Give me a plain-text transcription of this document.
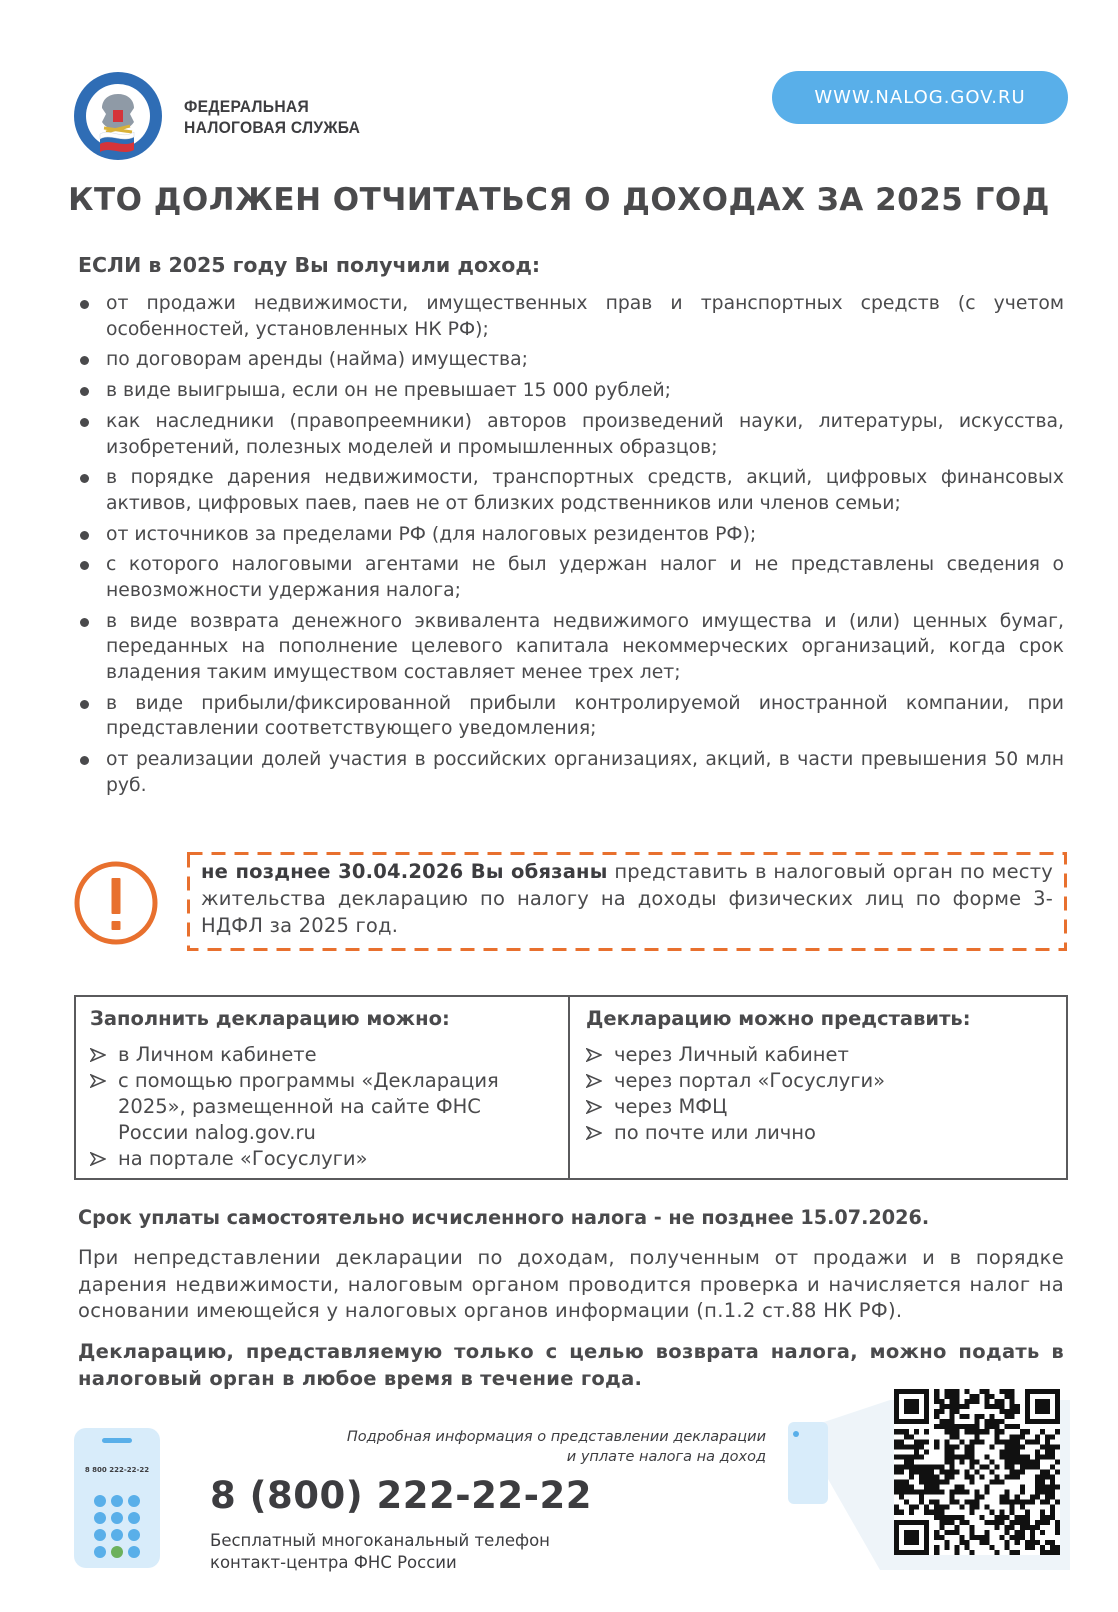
ФЕДЕРАЛЬНАЯ
НАЛОГОВАЯ СЛУЖБА
WWW.NALOG.GOV.RU
КТО ДОЛЖЕН ОТЧИТАТЬСЯ О ДОХОДАХ ЗА 2025 ГОД
ЕСЛИ в 2025 году Вы получили доход:
от продажи недвижимости, имущественных прав и транспортных средств (с учетом особенностей, установленных НК РФ);
по договорам аренды (найма) имущества;
в виде выигрыша, если он не превышает 15 000 рублей;
как наследники (правопреемники) авторов произведений науки, литературы, искусства, изобретений, полезных моделей и промышленных образцов;
в порядке дарения недвижимости, транспортных средств, акций, цифровых финансовых активов, цифровых паев, паев не от близких родственников или членов семьи;
от источников за пределами РФ (для налоговых резидентов РФ);
с которого налоговыми агентами не был удержан налог и не представлены сведения о невозможности удержания налога;
в виде возврата денежного эквивалента недвижимого имущества и (или) ценных бумаг, переданных на пополнение целевого капитала некоммерческих организаций, когда срок владения таким имуществом составляет менее трех лет;
в виде прибыли/фиксированной прибыли контролируемой иностранной компании, при представлении соответствующего уведомления;
от реализации долей участия в российских организациях, акций, в части превышения 50 млн руб.

не позднее 30.04.2026 Вы обязаны представить в налоговый орган по месту жительства декларацию по налогу на доходы физических лиц по форме 3-НДФЛ за 2025 год.

Заполнить декларацию можно:
в Личном кабинете
с помощью программы «Декларация 2025», размещенной на сайте ФНС России nalog.gov.ru
на портале «Госуслуги»
Декларацию можно представить:
через Личный кабинет
через портал «Госуслуги»
через МФЦ
по почте или лично
Срок уплаты самостоятельно исчисленного налога - не позднее 15.07.2026.
При непредставлении декларации по доходам, полученным от продажи и в порядке дарения недвижимости, налоговым органом проводится проверка и начисляется налог на основании имеющейся у налоговых органов информации (п.1.2 ст.88 НК РФ).
Декларацию, представляемую только с целью возврата налога, можно подать в налоговый орган в любое время в течение года.
8 800 222-22-22
Подробная информация о представлении декларации
и уплате налога на доход
8 (800) 222-22-22
Бесплатный многоканальный телефон
контакт-центра ФНС России
